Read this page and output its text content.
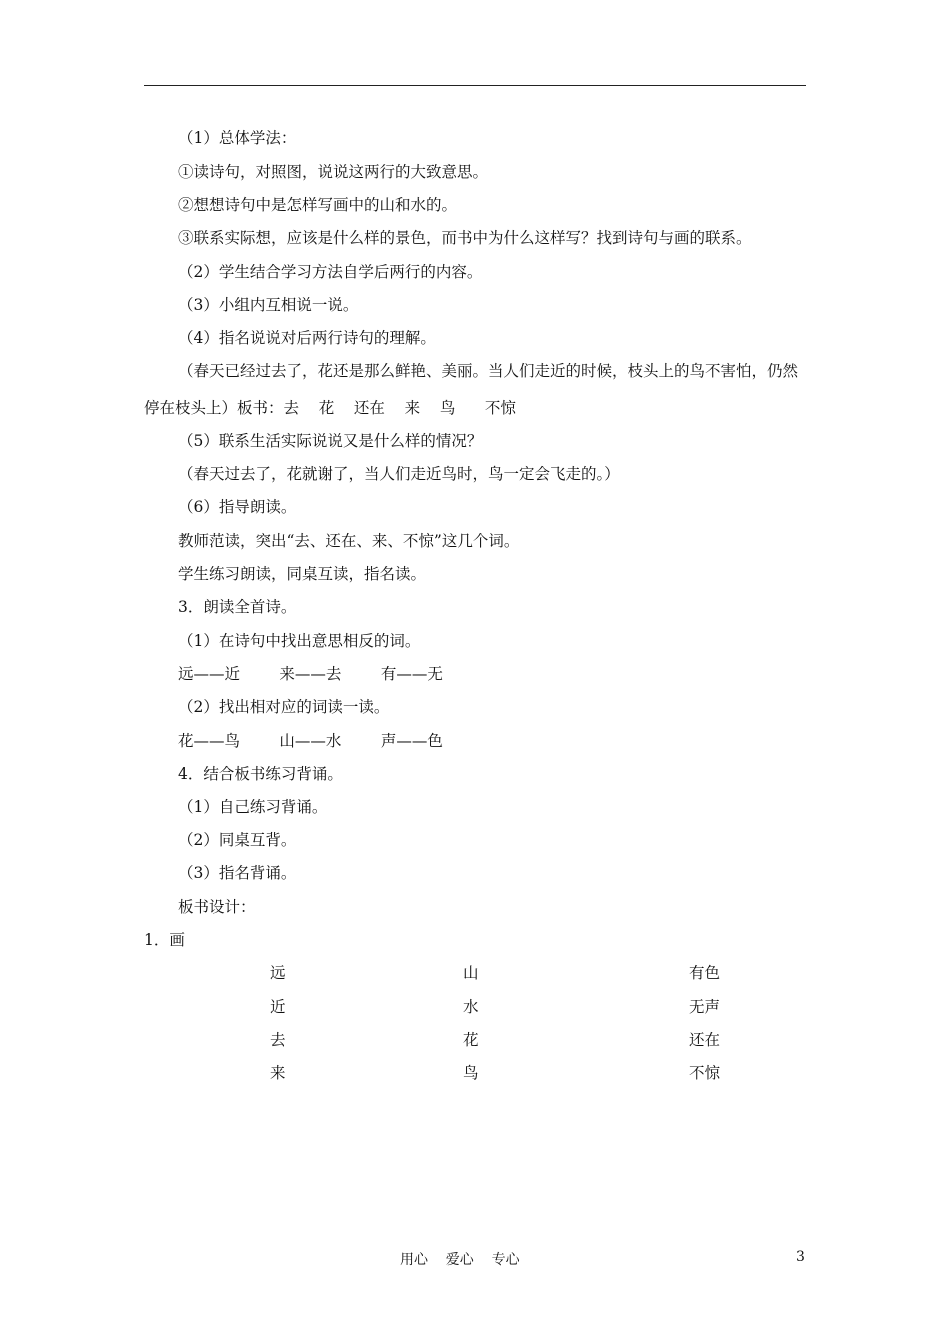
（1）总体学法：
①读诗句，对照图，说说这两行的大致意思。
②想想诗句中是怎样写画中的山和水的。
③联系实际想，应该是什么样的景色，而书中为什么这样写？找到诗句与画的联系。
（2）学生结合学习方法自学后两行的内容。
（3）小组内互相说一说。
（4）指名说说对后两行诗句的理解。
（春天已经过去了，花还是那么鲜艳、美丽。当人们走近的时候，枝头上的鸟不害怕，仍然
停在枝头上）板书：去    花    还在    来    鸟      不惊
（5）联系生活实际说说又是什么样的情况？
（春天过去了，花就谢了，当人们走近鸟时，鸟一定会飞走的。）
（6）指导朗读。
教师范读，突出“去、还在、来、不惊”这几个词。
学生练习朗读，同桌互读，指名读。
3．朗读全首诗。
（1）在诗句中找出意思相反的词。
远——近        来——去        有——无
（2）找出相对应的词读一读。
花——鸟        山——水        声——色
4．结合板书练习背诵。
（1）自己练习背诵。
（2）同桌互背。
（3）指名背诵。
板书设计：
1．画
远	山	有色
近	水	无声
去	花	还在
来	鸟	不惊
用心    爱心    专心	3
